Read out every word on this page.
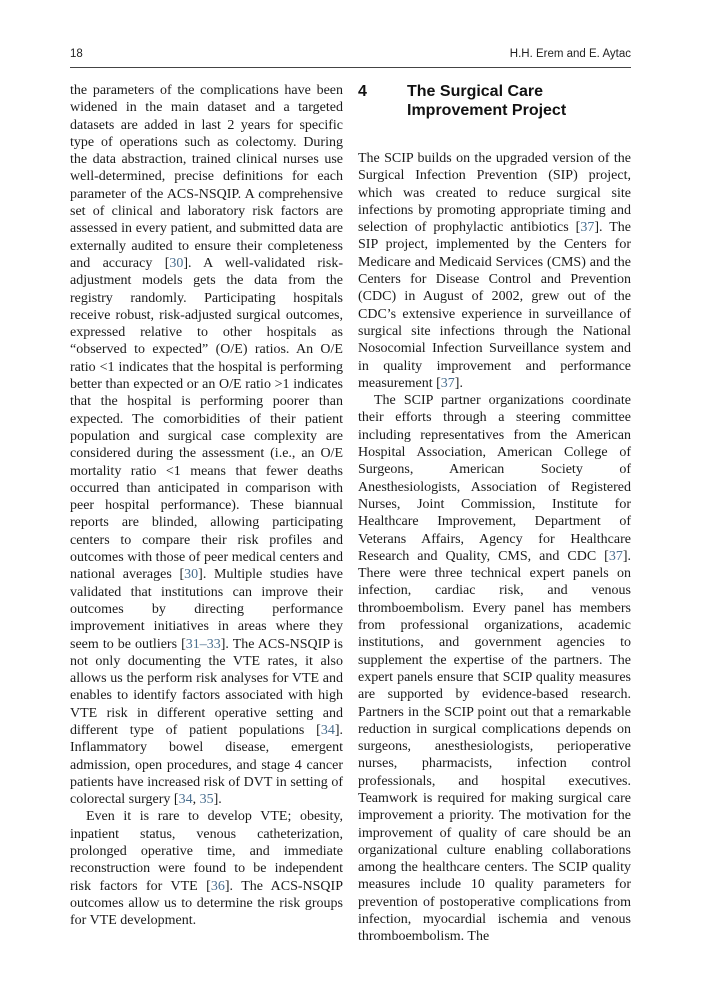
18	H.H. Erem and E. Aytac

the parameters of the complications have been widened in the main dataset and a targeted datasets are added in last 2 years for specific type of operations such as colectomy. During the data abstraction, trained clinical nurses use well-determined, precise definitions for each parameter of the ACS-NSQIP. A comprehensive set of clinical and laboratory risk factors are assessed in every patient, and submitted data are externally audited to ensure their completeness and accuracy [30]. A well-validated risk-adjustment models gets the data from the registry randomly. Participating hospitals receive robust, risk-adjusted surgical outcomes, expressed relative to other hospitals as “observed to expected” (O/E) ratios. An O/E ratio <1 indicates that the hospital is performing better than expected or an O/E ratio >1 indicates that the hospital is performing poorer than expected. The comorbidities of their patient population and surgical case complexity are considered during the assessment (i.e., an O/E mortality ratio <1 means that fewer deaths occurred than anticipated in comparison with peer hospital performance). These biannual reports are blinded, allowing participating centers to compare their risk profiles and outcomes with those of peer medical centers and national averages [30]. Multiple studies have validated that institutions can improve their outcomes by directing performance improvement initiatives in areas where they seem to be outliers [31–33]. The ACS-NSQIP is not only documenting the VTE rates, it also allows us the perform risk analyses for VTE and enables to identify factors associated with high VTE risk in different operative setting and different type of patient populations [34]. Inflammatory bowel disease, emergent admission, open procedures, and stage 4 cancer patients have increased risk of DVT in setting of colorectal surgery [34, 35].

Even it is rare to develop VTE; obesity, inpatient status, venous catheterization, prolonged operative time, and immediate reconstruction were found to be independent risk factors for VTE [36]. The ACS-NSQIP outcomes allow us to determine the risk groups for VTE development.

4	The Surgical Care Improvement Project

The SCIP builds on the upgraded version of the Surgical Infection Prevention (SIP) project, which was created to reduce surgical site infections by promoting appropriate timing and selection of prophylactic antibiotics [37]. The SIP project, implemented by the Centers for Medicare and Medicaid Services (CMS) and the Centers for Disease Control and Prevention (CDC) in August of 2002, grew out of the CDC’s extensive experience in surveillance of surgical site infections through the National Nosocomial Infection Surveillance system and in quality improvement and performance measurement [37].

The SCIP partner organizations coordinate their efforts through a steering committee including representatives from the American Hospital Association, American College of Surgeons, American Society of Anesthesiologists, Association of Registered Nurses, Joint Commission, Institute for Healthcare Improvement, Department of Veterans Affairs, Agency for Healthcare Research and Quality, CMS, and CDC [37]. There were three technical expert panels on infection, cardiac risk, and venous thromboembolism. Every panel has members from professional organizations, academic institutions, and government agencies to supplement the expertise of the partners. The expert panels ensure that SCIP quality measures are supported by evidence-based research. Partners in the SCIP point out that a remarkable reduction in surgical complications depends on surgeons, anesthesiologists, perioperative nurses, pharmacists, infection control professionals, and hospital executives. Teamwork is required for making surgical care improvement a priority. The motivation for the improvement of quality of care should be an organizational culture enabling collaborations among the healthcare centers. The SCIP quality measures include 10 quality parameters for prevention of postoperative complications from infection, myocardial ischemia and venous thromboembolism. The
